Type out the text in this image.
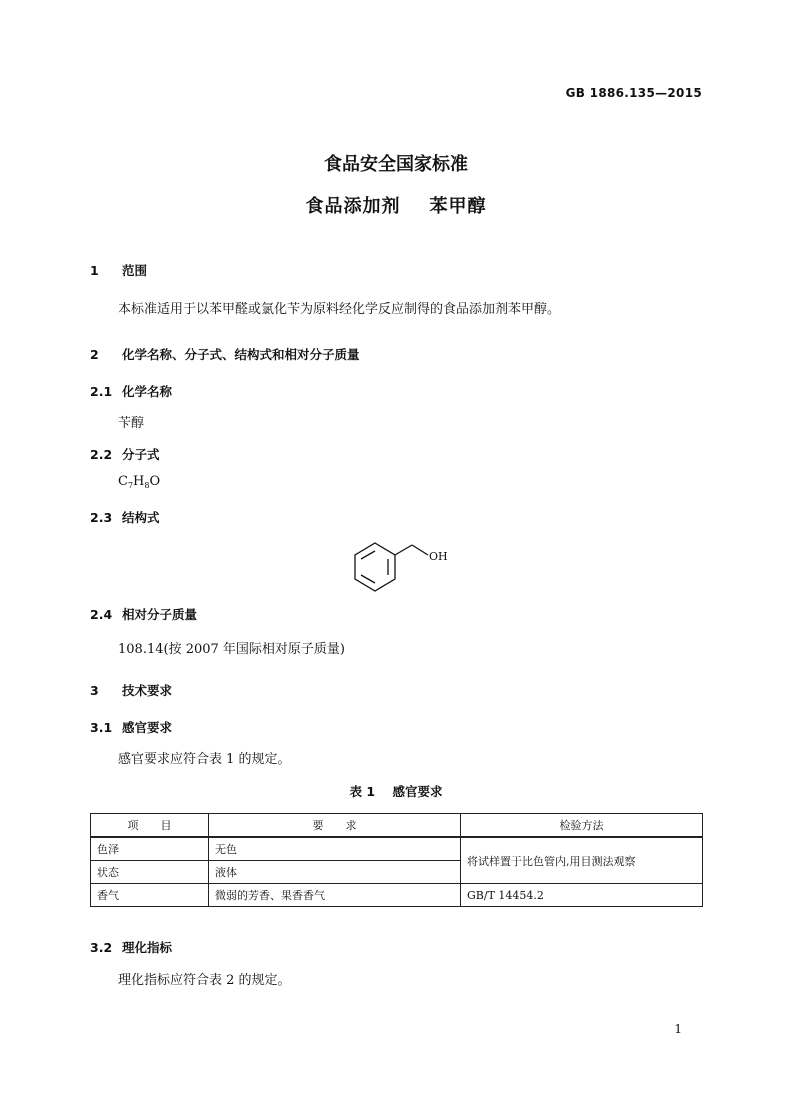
GB 1886.135—2015
食品安全国家标准
食品添加剂    苯甲醇
1 范围
本标准适用于以苯甲醛或氯化苄为原料经化学反应制得的食品添加剂苯甲醇。
2 化学名称、分子式、结构式和相对分子质量
2.1 化学名称
苄醇
2.2 分子式
$C_7H_8O$
2.3 结构式
OH
2.4 相对分子质量
108.14(按 2007 年国际相对原子质量)
3 技术要求
3.1 感官要求
感官要求应符合表 1 的规定。
表 1    感官要求
项　　目	要　　求	检验方法
色泽	无色	将试样置于比色管内,用目测法观察
状态	液体	
香气	微弱的芳香、果香香气	GB/T 14454.2
3.2 理化指标
理化指标应符合表 2 的规定。
1
